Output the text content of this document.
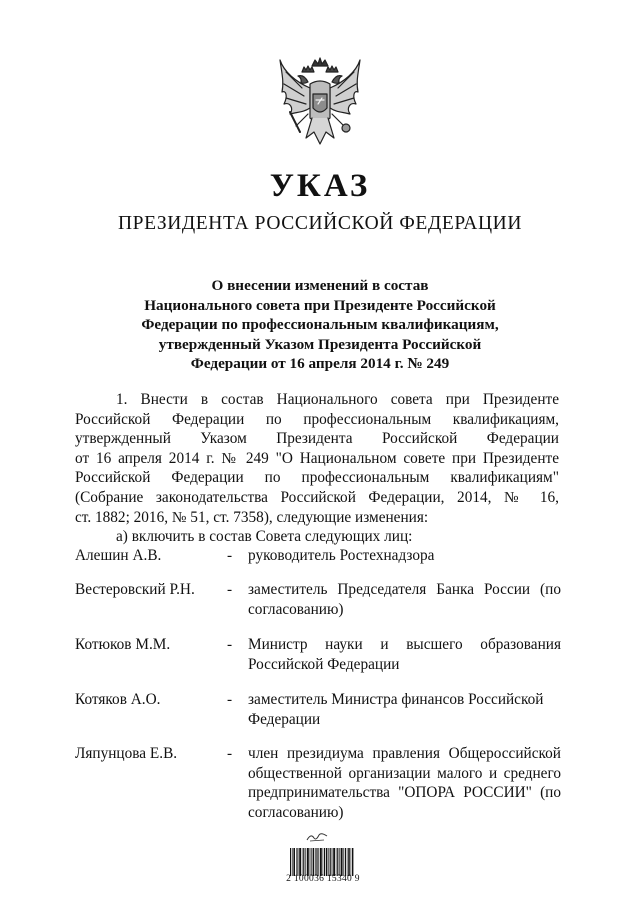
УКАЗ
ПРЕЗИДЕНТА РОССИЙСКОЙ ФЕДЕРАЦИИ
О внесении изменений в состав
Национального совета при Президенте Российской
Федерации по профессиональным квалификациям,
утвержденный Указом Президента Российской
Федерации от 16 апреля 2014 г. № 249
1. Внести в состав Национального совета при Президенте
Российской Федерации по профессиональным квалификациям,
утвержденный Указом Президента Российской Федерации
от 16 апреля 2014 г. № 249 "О Национальном совете при Президенте
Российской Федерации по профессиональным квалификациям"
(Собрание законодательства Российской Федерации, 2014, № 16,
ст. 1882; 2016, № 51, ст. 7358), следующие изменения:
а) включить в состав Совета следующих лиц:
Алешин А.В.	- руководитель Ростехнадзора
Вестеровский Р.Н. - заместитель Председателя Банка России (по согласованию)
Котюков М.М.	- Министр науки и высшего образования Российской Федерации
Котяков А.О.	- заместитель Министра финансов Российской Федерации
Ляпунцова Е.В.	- член президиума правления Общероссийской общественной организации малого и среднего предпринимательства "ОПОРА РОССИИ" (по согласованию)
2 100036 15340 9
